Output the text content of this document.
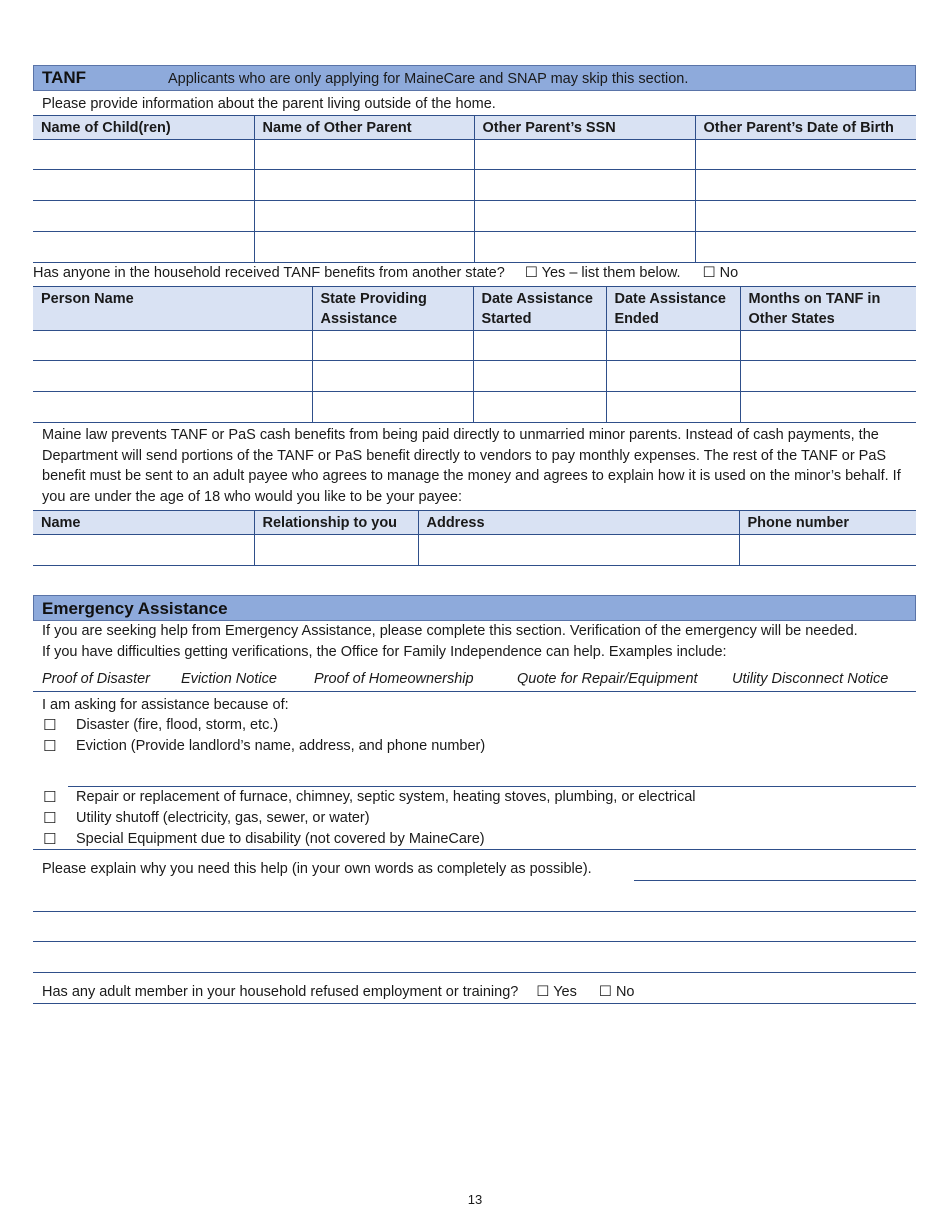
TANF	Applicants who are only applying for MaineCare and SNAP may skip this section.
Please provide information about the parent living outside of the home.
Name of Child(ren)	Name of Other Parent	Other Parent’s SSN	Other Parent’s Date of Birth

Has anyone in the household received TANF benefits from another state? ☐ Yes – list them below. ☐ No
Person Name	State Providing Assistance	Date Assistance Started	Date Assistance Ended	Months on TANF in Other States

Maine law prevents TANF or PaS cash benefits from being paid directly to unmarried minor parents. Instead of cash payments, the Department will send portions of the TANF or PaS benefit directly to vendors to pay monthly expenses. The rest of the TANF or PaS benefit must be sent to an adult payee who agrees to manage the money and agrees to explain how it is used on the minor’s behalf. If you are under the age of 18 who would you like to be your payee:
Name	Relationship to you	Address	Phone number

Emergency Assistance
If you are seeking help from Emergency Assistance, please complete this section. Verification of the emergency will be needed.
If you have difficulties getting verifications, the Office for Family Independence can help. Examples include:
Proof of Disaster Eviction Notice	Proof of Homeownership	Quote for Repair/Equipment Utility Disconnect Notice
I am asking for assistance because of:
☐ Disaster (fire, flood, storm, etc.)
☐ Eviction (Provide landlord’s name, address, and phone number)
☐ Repair or replacement of furnace, chimney, septic system, heating stoves, plumbing, or electrical
☐ Utility shutoff (electricity, gas, sewer, or water)
☐ Special Equipment due to disability (not covered by MaineCare)
Please explain why you need this help (in your own words as completely as possible).
Has any adult member in your household refused employment or training? ☐ Yes ☐ No
13
